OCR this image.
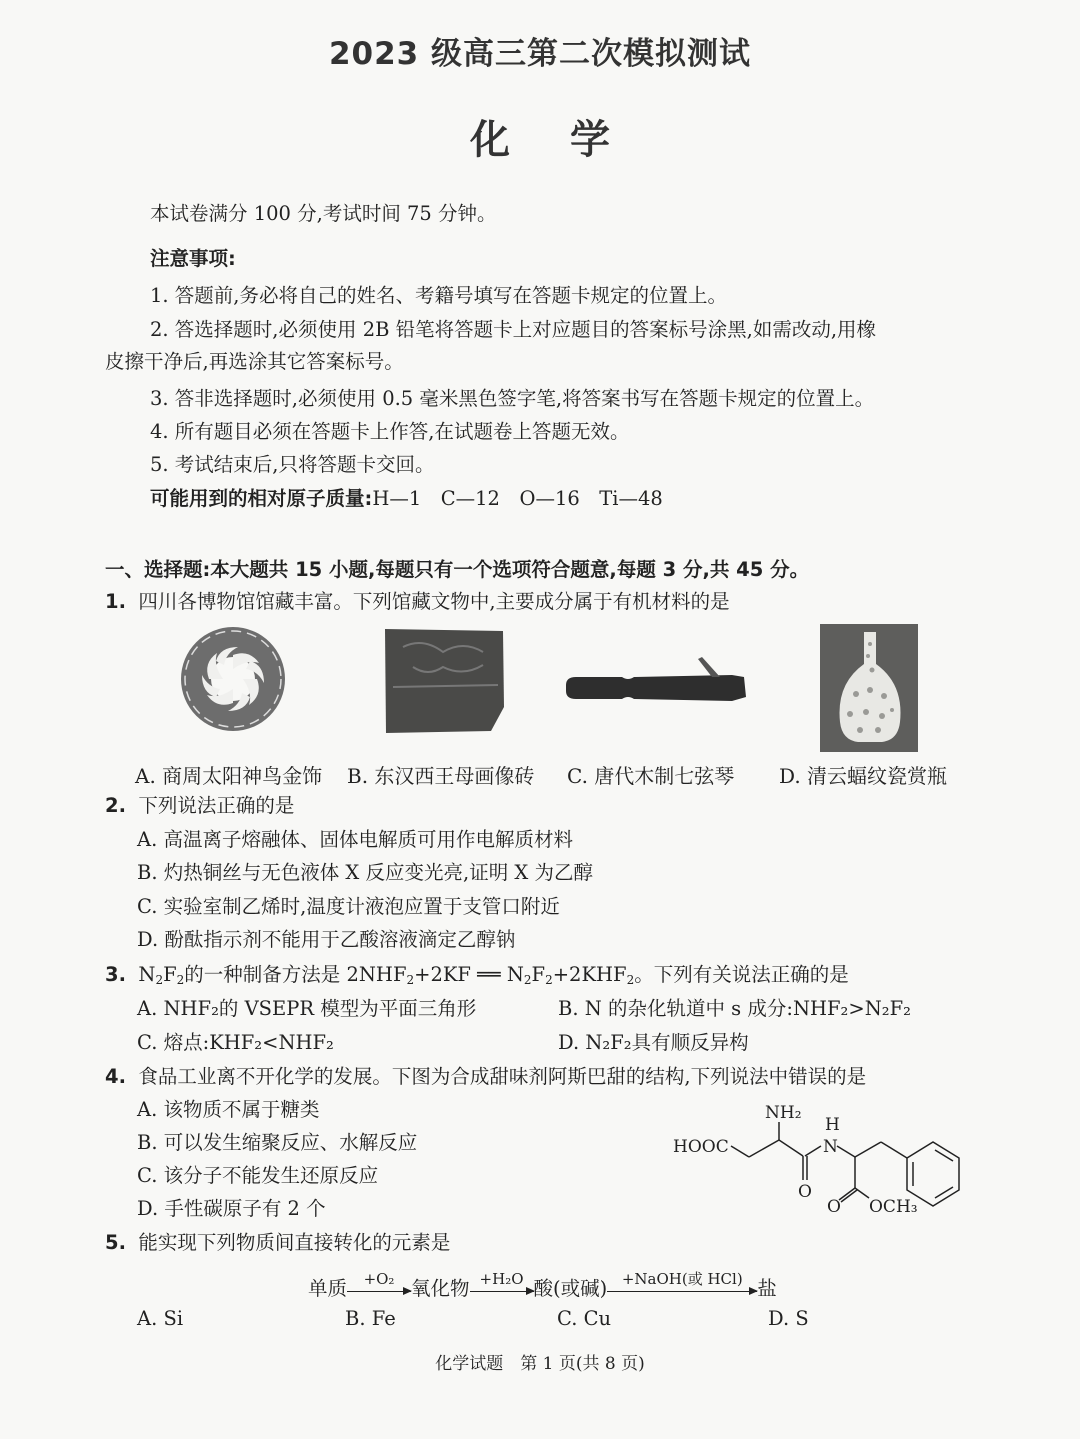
2023 级高三第二次模拟测试
化学
本试卷满分 100 分,考试时间 75 分钟。
注意事项:
1. 答题前,务必将自己的姓名、考籍号填写在答题卡规定的位置上。
2. 答选择题时,必须使用 2B 铅笔将答题卡上对应题目的答案标号涂黑,如需改动,用橡
皮擦干净后,再选涂其它答案标号。
3. 答非选择题时,必须使用 0.5 毫米黑色签字笔,将答案书写在答题卡规定的位置上。
4. 所有题目必须在答题卡上作答,在试题卷上答题无效。
5. 考试结束后,只将答题卡交回。
可能用到的相对原子质量:H—1　C—12　O—16　Ti—48
一、选择题:本大题共 15 小题,每题只有一个选项符合题意,每题 3 分,共 45 分。
1. 四川各博物馆馆藏丰富。下列馆藏文物中,主要成分属于有机材料的是
A. 商周太阳神鸟金饰 B. 东汉西王母画像砖 C. 唐代木制七弦琴 D. 清云蝠纹瓷赏瓶
2. 下列说法正确的是
A. 高温离子熔融体、固体电解质可用作电解质材料
B. 灼热铜丝与无色液体 X 反应变光亮,证明 X 为乙醇
C. 实验室制乙烯时,温度计液泡应置于支管口附近
D. 酚酞指示剂不能用于乙酸溶液滴定乙醇钠
3. $N_2F_2$的一种制备方法是 $2NHF_2+2KF$ ══ $N_2F_2+2KHF_2$。下列有关说法正确的是
A. NHF₂的 VSEPR 模型为平面三角形	B. N 的杂化轨道中 s 成分:NHF₂>N₂F₂
C. 熔点:KHF₂<NHF₂	D. N₂F₂具有顺反异构
4. 食品工业离不开化学的发展。下图为合成甜味剂阿斯巴甜的结构,下列说法中错误的是
A. 该物质不属于糖类
B. 可以发生缩聚反应、水解反应
C. 该分子不能发生还原反应
D. 手性碳原子有 2 个
HOOC
NH₂
H
N
O
O OCH₃
5. 能实现下列物质间直接转化的元素是
单质	+O₂ 氧化物 +H₂O 酸(或碱) +NaOH(或 HCl) 盐
A. Si	B. Fe	C. Cu	D. S
化学试题　第 1 页(共 8 页)
